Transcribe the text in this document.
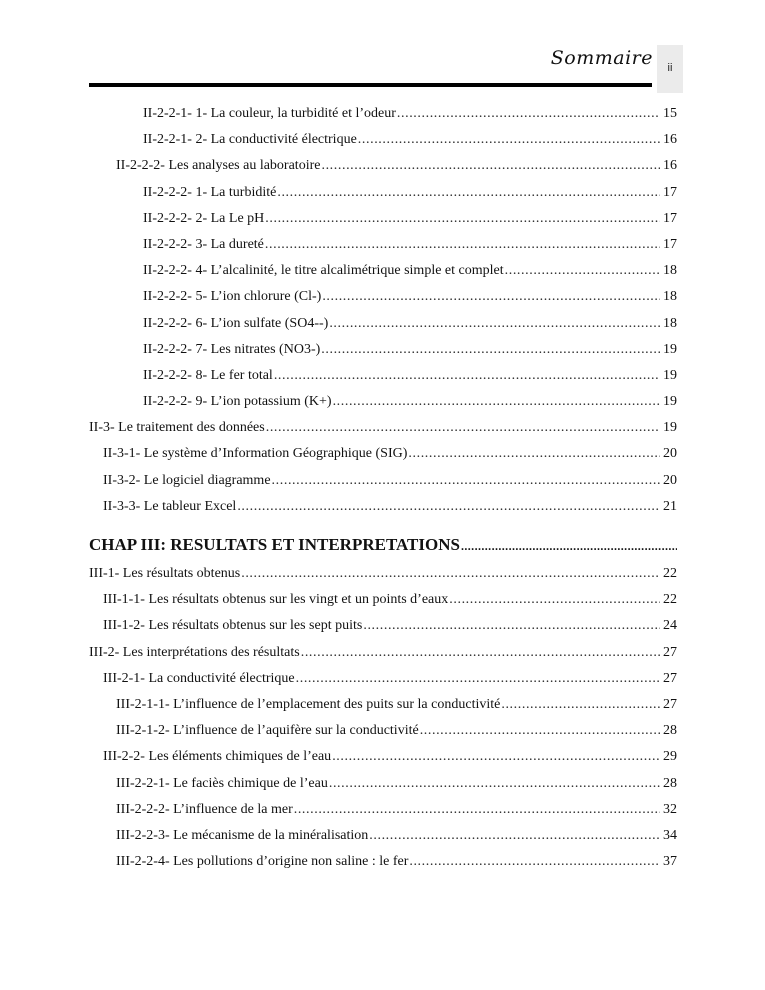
Sommaire	ii
II-2-2-1- 1- La couleur, la turbidité et l’odeur .....	15
II-2-2-1- 2- La conductivité électrique .....	16
II-2-2-2- Les analyses au laboratoire .....	16
II-2-2-2- 1- La turbidité .....	17
II-2-2-2- 2- La Le pH .....	17
II-2-2-2- 3- La dureté .....	17
II-2-2-2- 4- L’alcalinité, le titre alcalimétrique simple et complet .....	18
II-2-2-2- 5- L’ion chlorure (Cl-) .....	18
II-2-2-2- 6- L’ion sulfate (SO4--) .....	18
II-2-2-2- 7- Les nitrates (NO3-) .....	19
II-2-2-2- 8- Le fer total .....	19
II-2-2-2- 9- L’ion potassium (K+) .....	19
II-3- Le traitement des données .....	19
II-3-1- Le système d’Information Géographique (SIG) .....	20
II-3-2- Le logiciel diagramme .....	20
II-3-3- Le tableur Excel .....	21
CHAP III: RESULTATS ET INTERPRETATIONS
.....
III-1- Les résultats obtenus .....	22
III-1-1- Les résultats obtenus sur les vingt et un points d’eaux .....	22
III-1-2- Les résultats obtenus sur les sept puits .....	24
III-2- Les interprétations des résultats .....	27
III-2-1- La conductivité électrique .....	27
III-2-1-1- L’influence de l’emplacement des puits sur la conductivité .....	27
III-2-1-2- L’influence de l’aquifère sur la conductivité .....	28
III-2-2- Les éléments chimiques de l’eau .....	29
III-2-2-1- Le faciès chimique de l’eau .....	28
III-2-2-2- L’influence de la mer .....	32
III-2-2-3- Le mécanisme de la minéralisation .....	34
III-2-2-4- Les pollutions d’origine non saline : le fer .....	37
